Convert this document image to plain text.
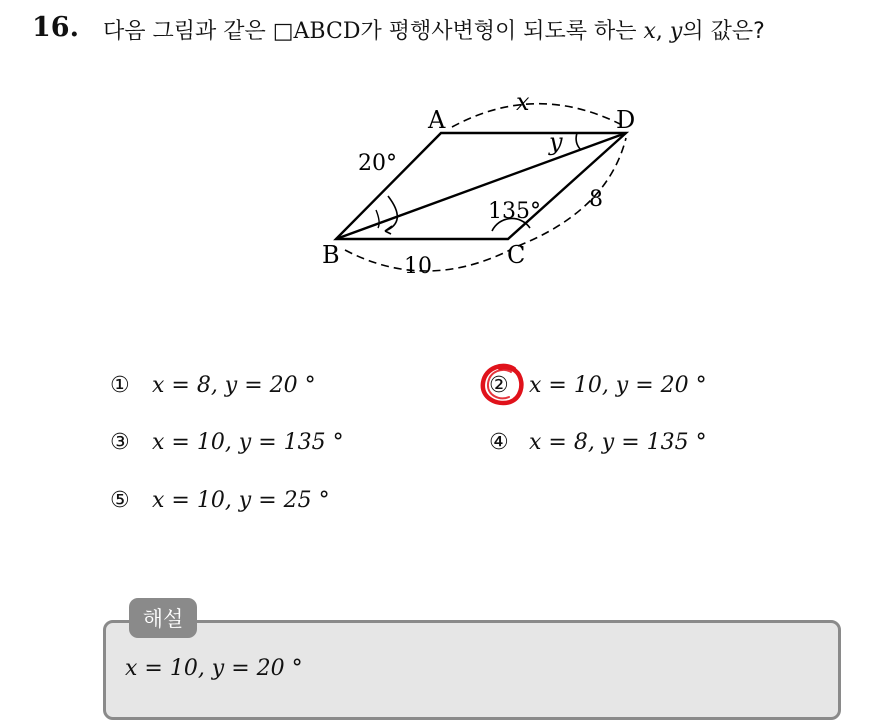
16. 다음 그림과 같은 □ABCD가 평행사변형이 되도록 하는 x, y의 값은?
A	D
B	C
x
y
20°
135°
10
8
①	x = 8, y = 20 °	② x = 10, y = 20 °
③	x = 10, y = 135 °	④ x = 8, y = 135 °
⑤	x = 10, y = 25 °
해설
x = 10, y = 20 °
